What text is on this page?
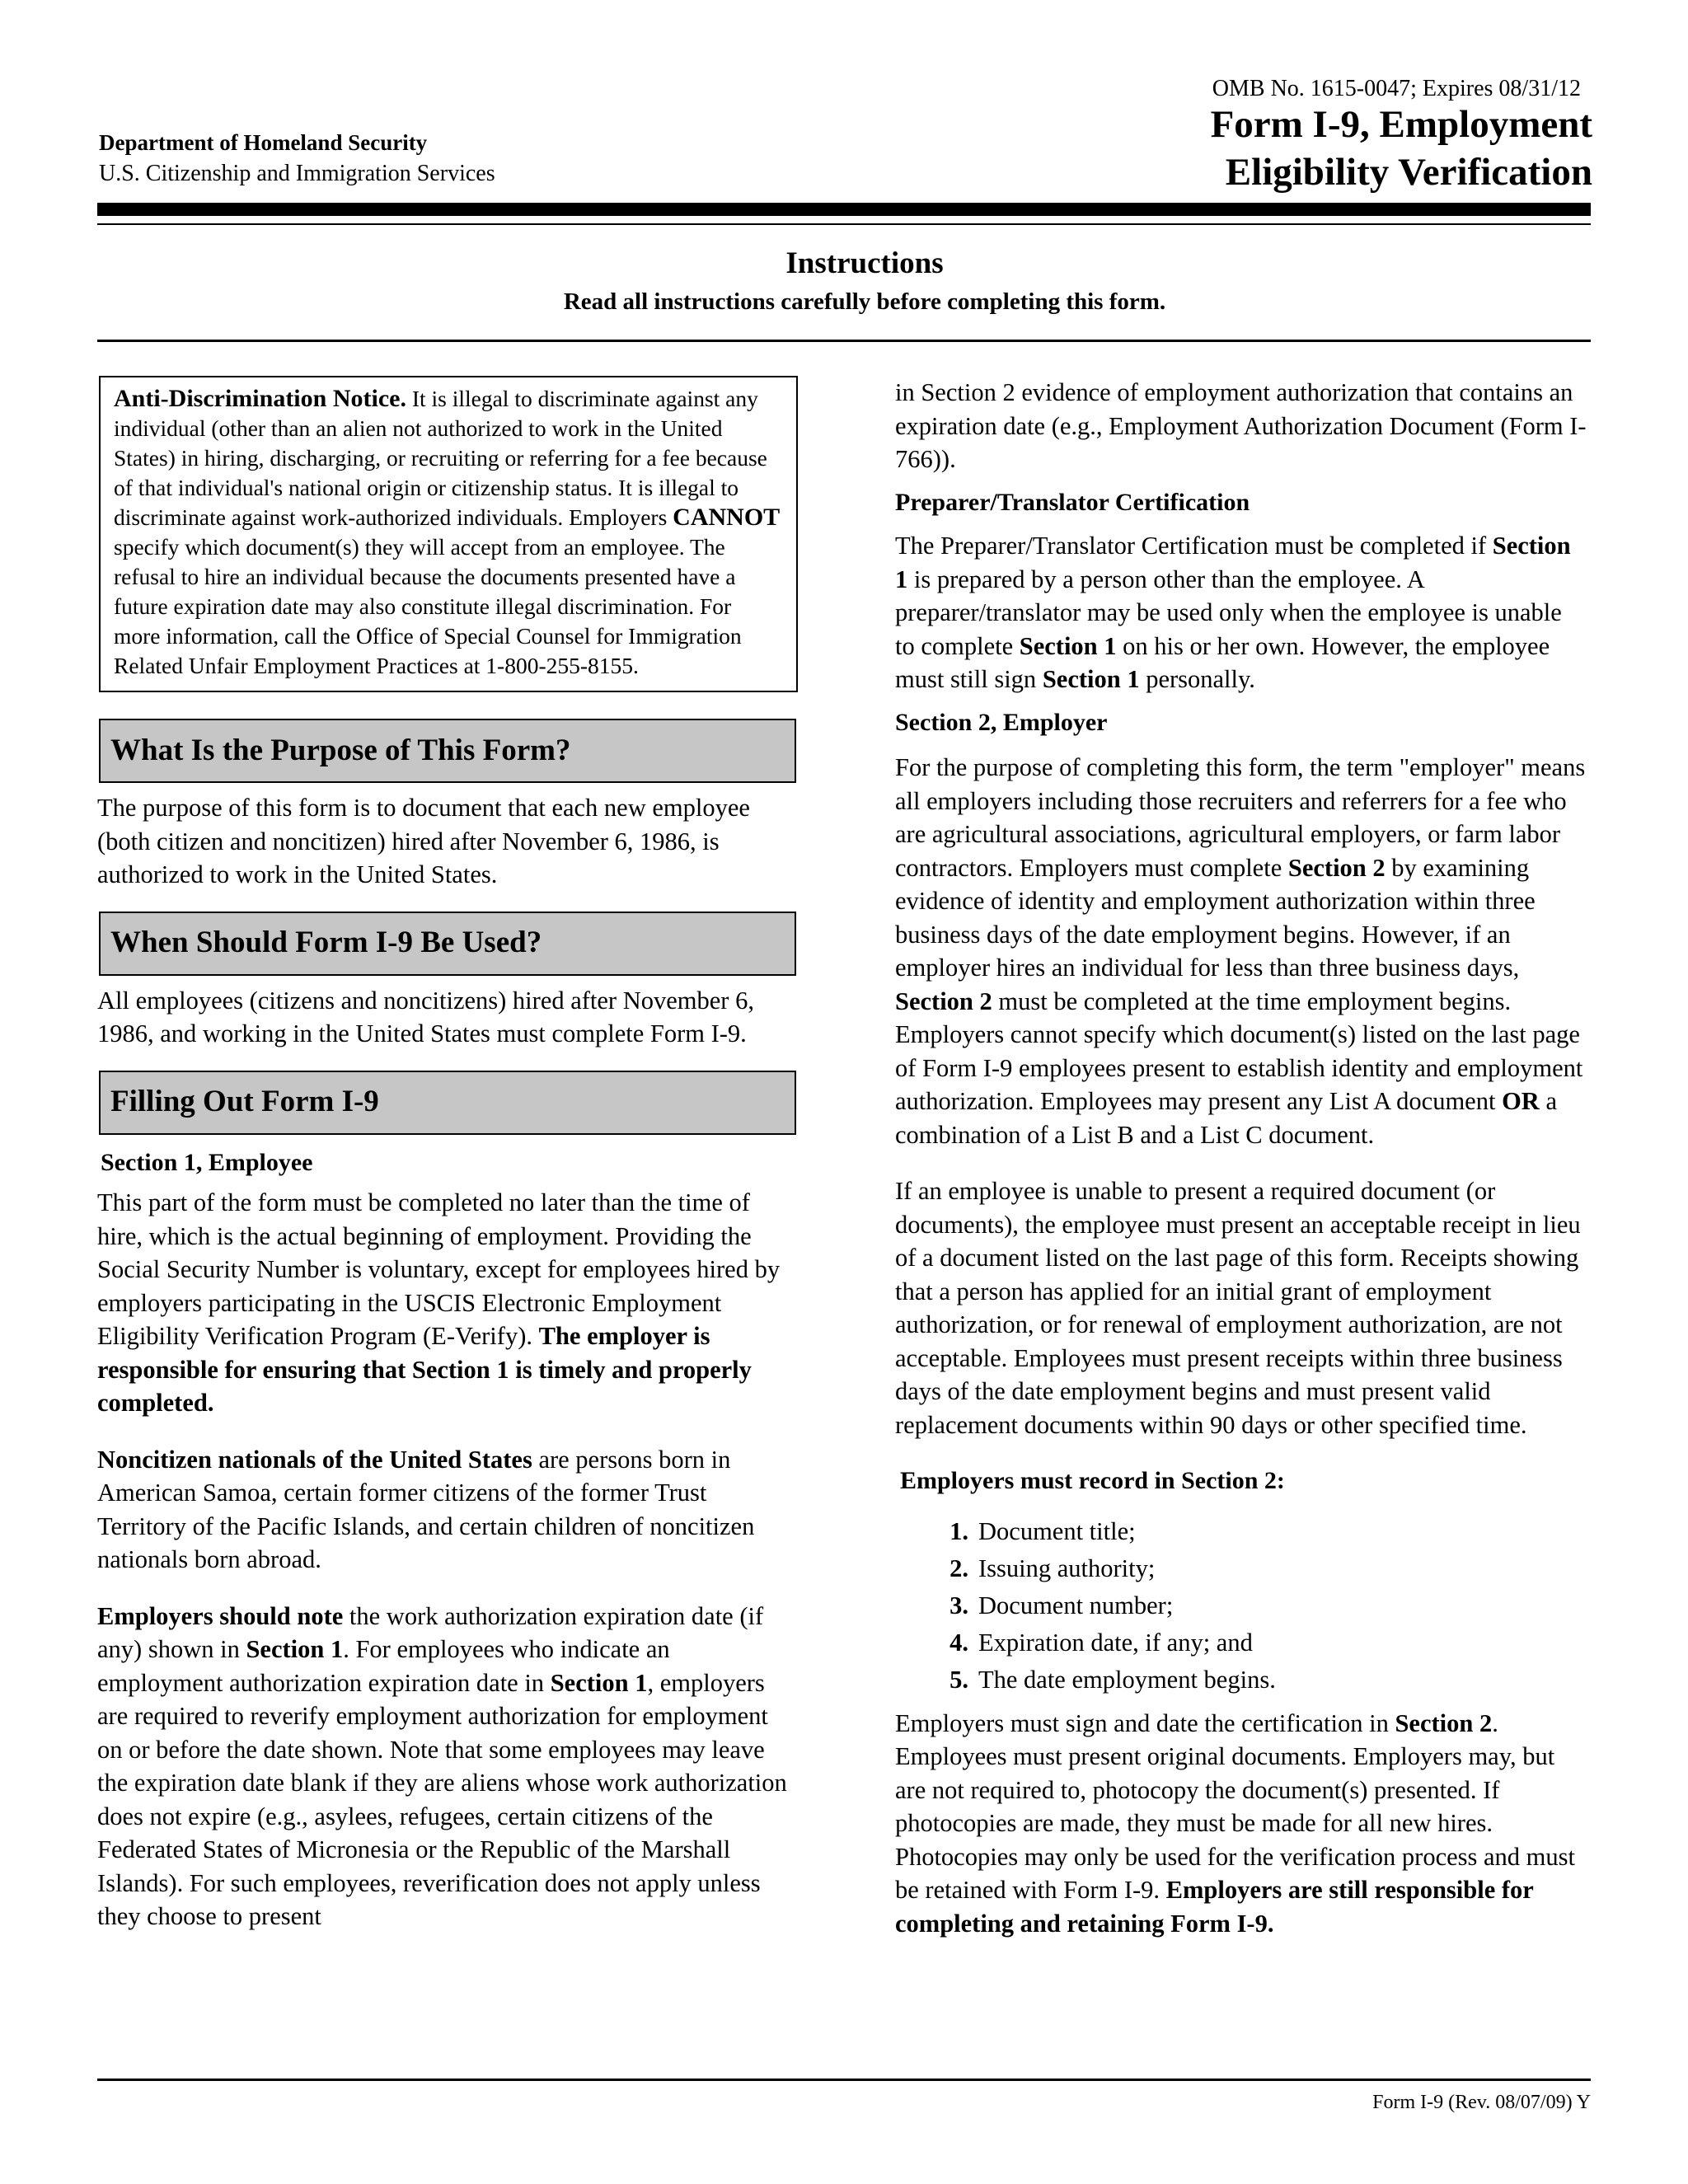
OMB No. 1615-0047; Expires 08/31/12
Department of Homeland Security
U.S. Citizenship and Immigration Services
Form I-9, Employment
Eligibility Verification
Instructions
Read all instructions carefully before completing this form.
Anti-Discrimination Notice. It is illegal to discriminate against any individual (other than an alien not authorized to work in the United States) in hiring, discharging, or recruiting or referring for a fee because of that individual's national origin or citizenship status. It is illegal to discriminate against work-authorized individuals. Employers CANNOT specify which document(s) they will accept from an employee. The refusal to hire an individual because the documents presented have a future expiration date may also constitute illegal discrimination. For more information, call the Office of Special Counsel for Immigration Related Unfair Employment Practices at 1-800-255-8155.
What Is the Purpose of This Form?

The purpose of this form is to document that each new employee (both citizen and noncitizen) hired after November 6, 1986, is authorized to work in the United States.

When Should Form I-9 Be Used?

All employees (citizens and noncitizens) hired after November 6, 1986, and working in the United States must complete Form I-9.

Filling Out Form I-9

Section 1, Employee

This part of the form must be completed no later than the time of hire, which is the actual beginning of employment. Providing the Social Security Number is voluntary, except for employees hired by employers participating in the USCIS Electronic Employment Eligibility Verification Program (E-Verify). The employer is responsible for ensuring that Section 1 is timely and properly completed.

Noncitizen nationals of the United States are persons born in American Samoa, certain former citizens of the former Trust Territory of the Pacific Islands, and certain children of noncitizen nationals born abroad.

Employers should note the work authorization expiration date (if any) shown in Section 1. For employees who indicate an employment authorization expiration date in Section 1, employers are required to reverify employment authorization for employment on or before the date shown. Note that some employees may leave the expiration date blank if they are aliens whose work authorization does not expire (e.g., asylees, refugees, certain citizens of the Federated States of Micronesia or the Republic of the Marshall Islands). For such employees, reverification does not apply unless they choose to present

in Section 2 evidence of employment authorization that contains an expiration date (e.g., Employment Authorization Document (Form I-766)).

Preparer/Translator Certification

The Preparer/Translator Certification must be completed if Section 1 is prepared by a person other than the employee. A preparer/translator may be used only when the employee is unable to complete Section 1 on his or her own. However, the employee must still sign Section 1 personally.

Section 2, Employer

For the purpose of completing this form, the term "employer" means all employers including those recruiters and referrers for a fee who are agricultural associations, agricultural employers, or farm labor contractors. Employers must complete Section 2 by examining evidence of identity and employment authorization within three business days of the date employment begins. However, if an employer hires an individual for less than three business days, Section 2 must be completed at the time employment begins. Employers cannot specify which document(s) listed on the last page of Form I-9 employees present to establish identity and employment authorization. Employees may present any List A document OR a combination of a List B and a List C document.

If an employee is unable to present a required document (or documents), the employee must present an acceptable receipt in lieu of a document listed on the last page of this form. Receipts showing that a person has applied for an initial grant of employment authorization, or for renewal of employment authorization, are not acceptable. Employees must present receipts within three business days of the date employment begins and must present valid replacement documents within 90 days or other specified time.

Employers must record in Section 2:

1. Document title;
2. Issuing authority;
3. Document number;
4. Expiration date, if any; and
5. The date employment begins.

Employers must sign and date the certification in Section 2. Employees must present original documents. Employers may, but are not required to, photocopy the document(s) presented. If photocopies are made, they must be made for all new hires. Photocopies may only be used for the verification process and must be retained with Form I-9. Employers are still responsible for completing and retaining Form I-9.

Form I-9 (Rev. 08/07/09) Y
